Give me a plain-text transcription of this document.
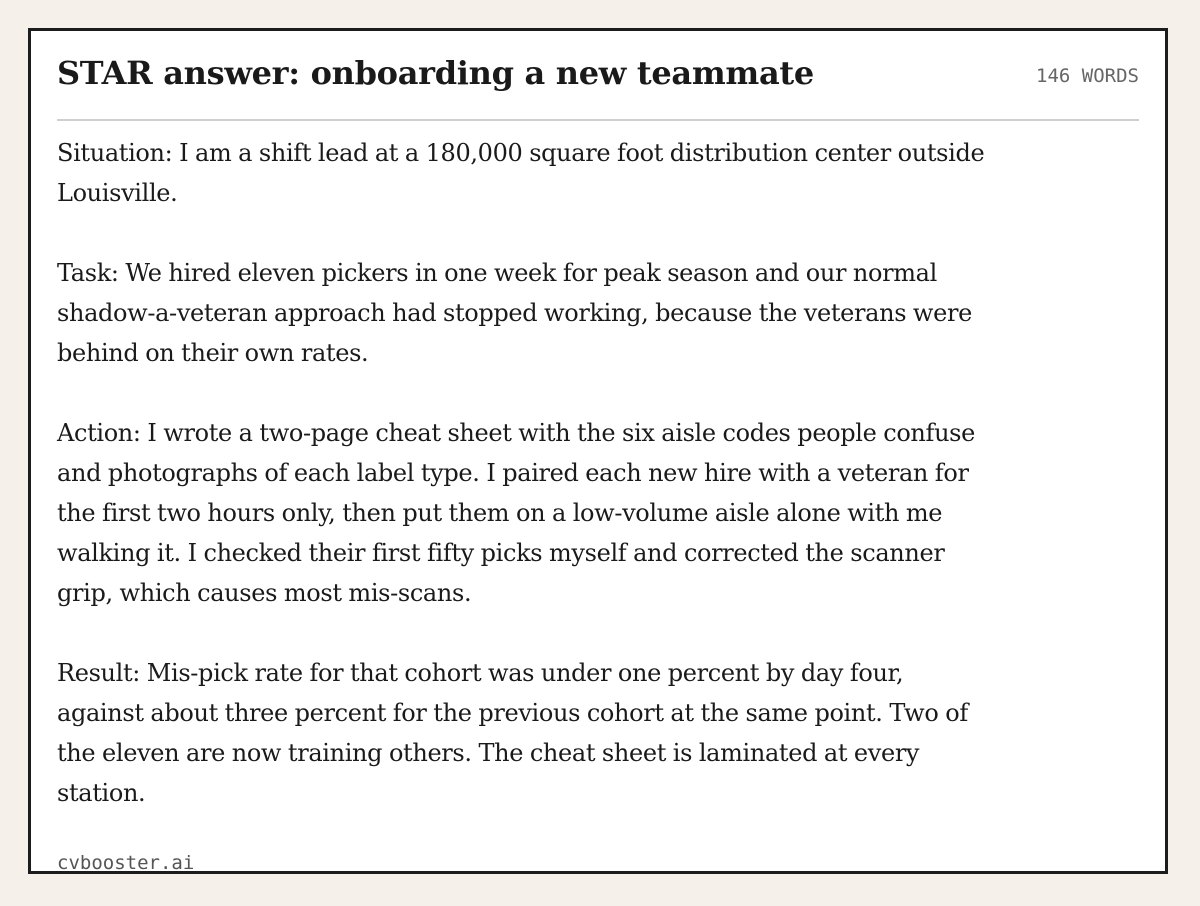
STAR answer: onboarding a new teammate	146 WORDS

Situation: I am a shift lead at a 180,000 square foot distribution center outside Louisville.

Task: We hired eleven pickers in one week for peak season and our normal shadow-a-veteran approach had stopped working, because the veterans were behind on their own rates.

Action: I wrote a two-page cheat sheet with the six aisle codes people confuse and photographs of each label type. I paired each new hire with a veteran for the first two hours only, then put them on a low-volume aisle alone with me walking it. I checked their first fifty picks myself and corrected the scanner grip, which causes most mis-scans.

Result: Mis-pick rate for that cohort was under one percent by day four, against about three percent for the previous cohort at the same point. Two of the eleven are now training others. The cheat sheet is laminated at every station.

cvbooster.ai
